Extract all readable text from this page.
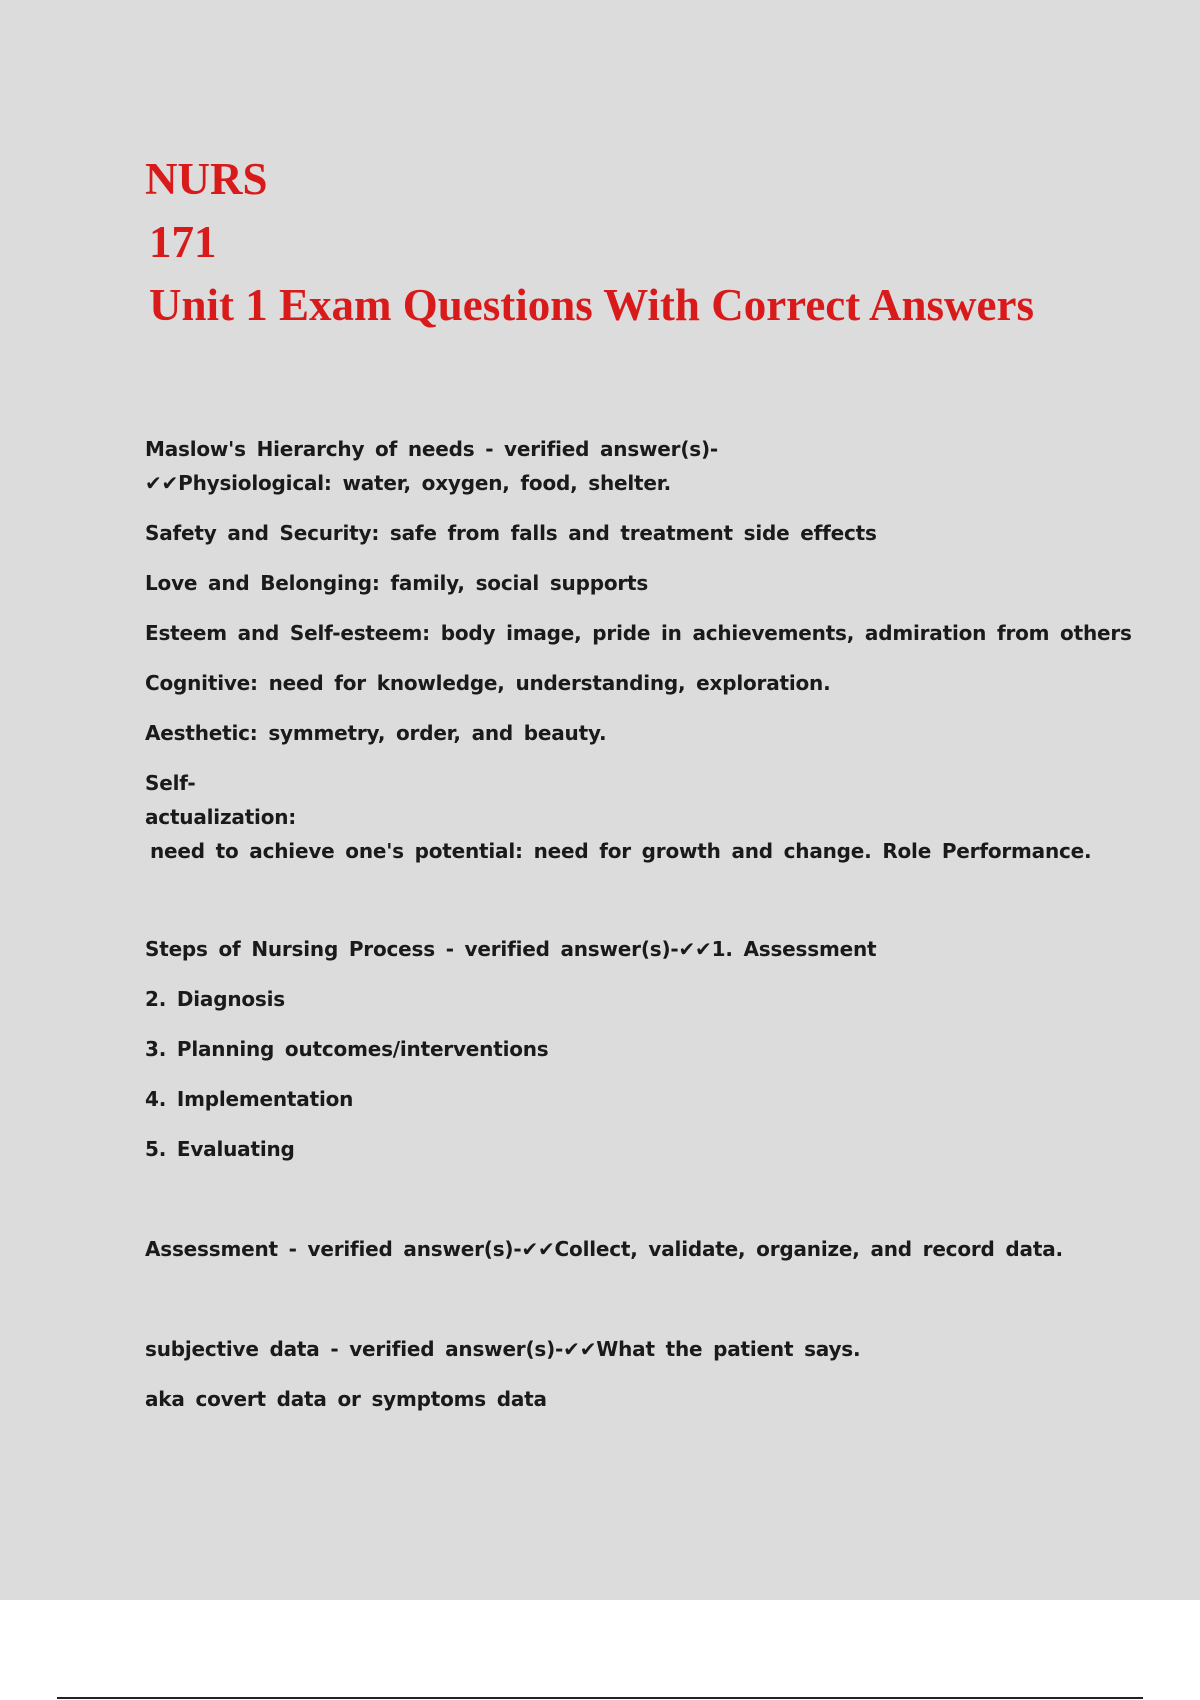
NURS
171
Unit 1 Exam Questions With Correct Answers
Maslow's Hierarchy of needs - verified answer(s)-
✔✔Physiological: water, oxygen, food, shelter.
Safety and Security: safe from falls and treatment side effects
Love and Belonging: family, social supports
Esteem and Self-esteem: body image, pride in achievements, admiration from others
Cognitive: need for knowledge, understanding, exploration.
Aesthetic: symmetry, order, and beauty.
Self-
actualization:
need to achieve one's potential: need for growth and change. Role Performance.
Steps of Nursing Process - verified answer(s)-✔✔1. Assessment
2. Diagnosis
3. Planning outcomes/interventions
4. Implementation
5. Evaluating
Assessment - verified answer(s)-✔✔Collect, validate, organize, and record data.
subjective data - verified answer(s)-✔✔What the patient says.
aka covert data or symptoms data
